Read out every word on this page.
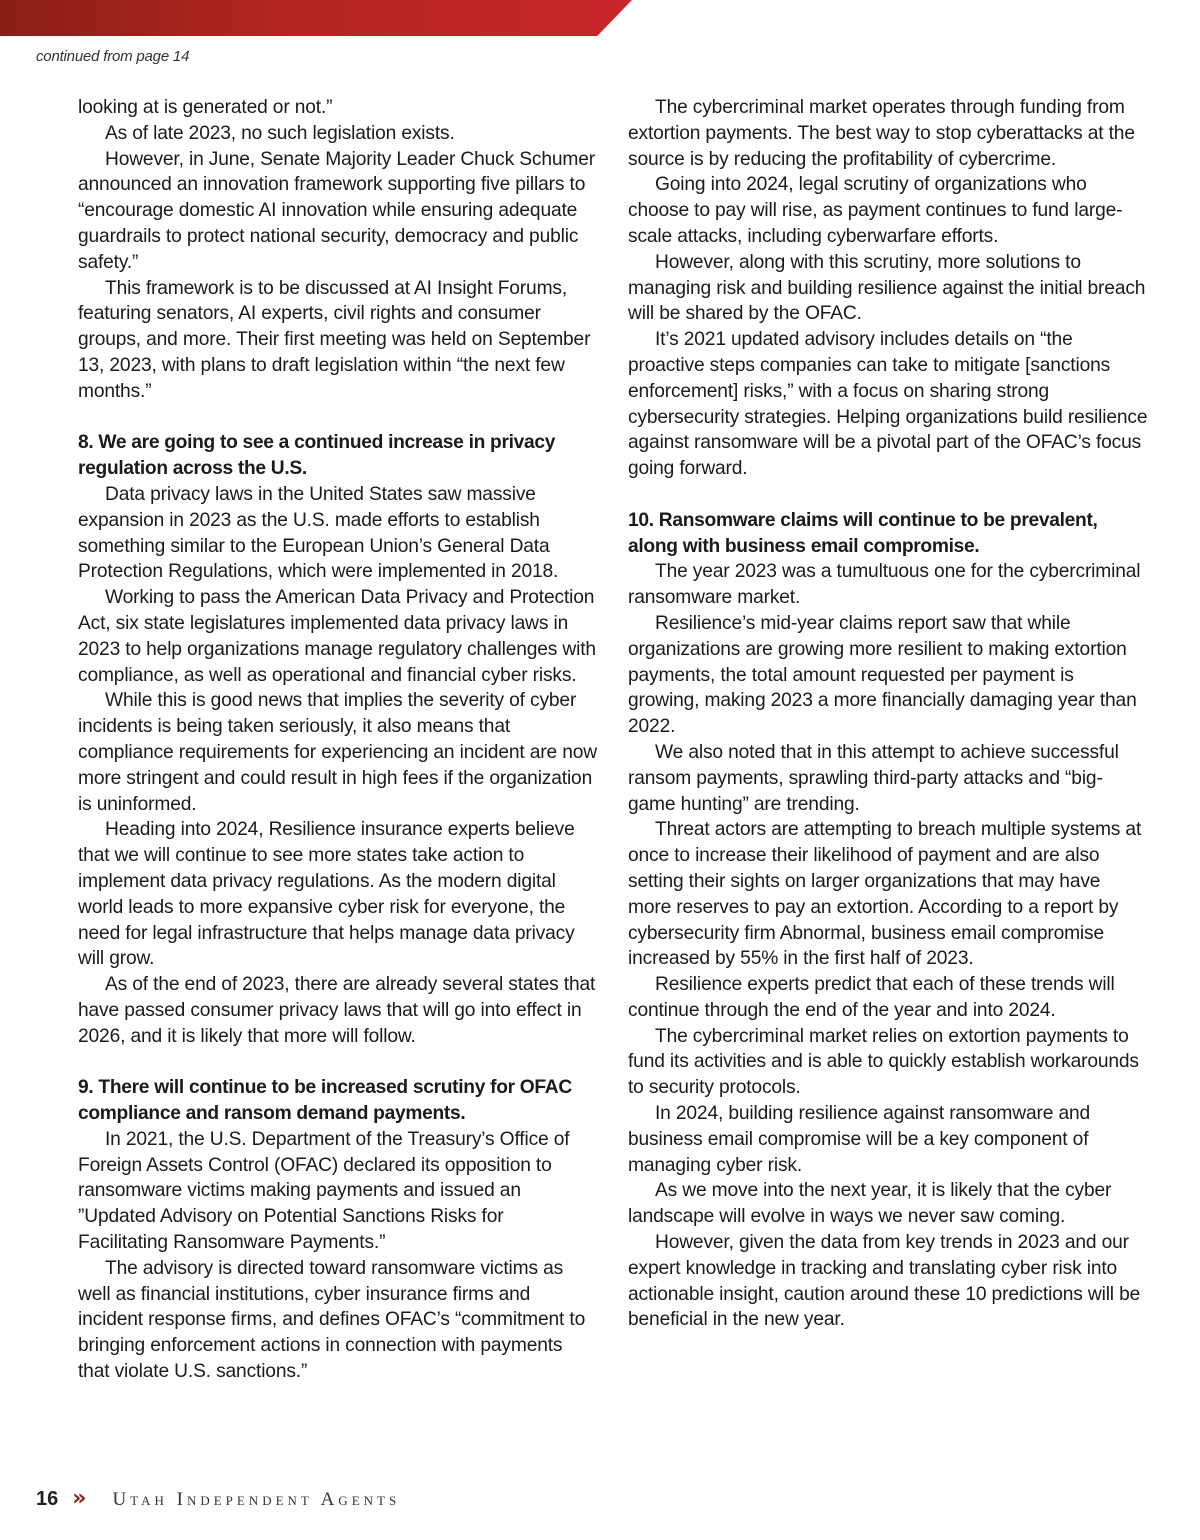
continued from page 14

looking at is generated or not.”

As of late 2023, no such legislation exists.

However, in June, Senate Majority Leader Chuck Schumer announced an innovation framework supporting five pillars to “encourage domestic AI innovation while ensuring adequate guardrails to protect national security, democracy and public safety.”

This framework is to be discussed at AI Insight Forums, featuring senators, AI experts, civil rights and consumer groups, and more. Their first meeting was held on September 13, 2023, with plans to draft legislation within “the next few months.”

8. We are going to see a continued increase in privacy regulation across the U.S.

Data privacy laws in the United States saw massive expansion in 2023 as the U.S. made efforts to establish something similar to the European Union’s General Data Protection Regulations, which were implemented in 2018.

Working to pass the American Data Privacy and Protection Act, six state legislatures implemented data privacy laws in 2023 to help organizations manage regulatory challenges with compliance, as well as operational and financial cyber risks.

While this is good news that implies the severity of cyber incidents is being taken seriously, it also means that compliance requirements for experiencing an incident are now more stringent and could result in high fees if the organization is uninformed.

Heading into 2024, Resilience insurance experts believe that we will continue to see more states take action to implement data privacy regulations. As the modern digital world leads to more expansive cyber risk for everyone, the need for legal infrastructure that helps manage data privacy will grow.

As of the end of 2023, there are already several states that have passed consumer privacy laws that will go into effect in 2026, and it is likely that more will follow.

9. There will continue to be increased scrutiny for OFAC compliance and ransom demand payments.

In 2021, the U.S. Department of the Treasury’s Office of Foreign Assets Control (OFAC) declared its opposition to ransomware victims making payments and issued an ”Updated Advisory on Potential Sanctions Risks for Facilitating Ransomware Payments.”

The advisory is directed toward ransomware victims as well as financial institutions, cyber insurance firms and incident response firms, and defines OFAC’s “commitment to bringing enforcement actions in connection with payments that violate U.S. sanctions.”

The cybercriminal market operates through funding from extortion payments. The best way to stop cyberattacks at the source is by reducing the profitability of cybercrime.

Going into 2024, legal scrutiny of organizations who choose to pay will rise, as payment continues to fund large-scale attacks, including cyberwarfare efforts.

However, along with this scrutiny, more solutions to managing risk and building resilience against the initial breach will be shared by the OFAC.

It’s 2021 updated advisory includes details on “the proactive steps companies can take to mitigate [sanctions enforcement] risks,” with a focus on sharing strong cybersecurity strategies. Helping organizations build resilience against ransomware will be a pivotal part of the OFAC’s focus going forward.

10. Ransomware claims will continue to be prevalent, along with business email compromise.

The year 2023 was a tumultuous one for the cybercriminal ransomware market.

Resilience’s mid-year claims report saw that while organizations are growing more resilient to making extortion payments, the total amount requested per payment is growing, making 2023 a more financially damaging year than 2022.

We also noted that in this attempt to achieve successful ransom payments, sprawling third-party attacks and “big-game hunting” are trending.

Threat actors are attempting to breach multiple systems at once to increase their likelihood of payment and are also setting their sights on larger organizations that may have more reserves to pay an extortion. According to a report by cybersecurity firm Abnormal, business email compromise increased by 55% in the first half of 2023.

Resilience experts predict that each of these trends will continue through the end of the year and into 2024.

The cybercriminal market relies on extortion payments to fund its activities and is able to quickly establish workarounds to security protocols.

In 2024, building resilience against ransomware and business email compromise will be a key component of managing cyber risk.

As we move into the next year, it is likely that the cyber landscape will evolve in ways we never saw coming.

However, given the data from key trends in 2023 and our expert knowledge in tracking and translating cyber risk into actionable insight, caution around these 10 predictions will be beneficial in the new year.

16 » Utah Independent Agents
